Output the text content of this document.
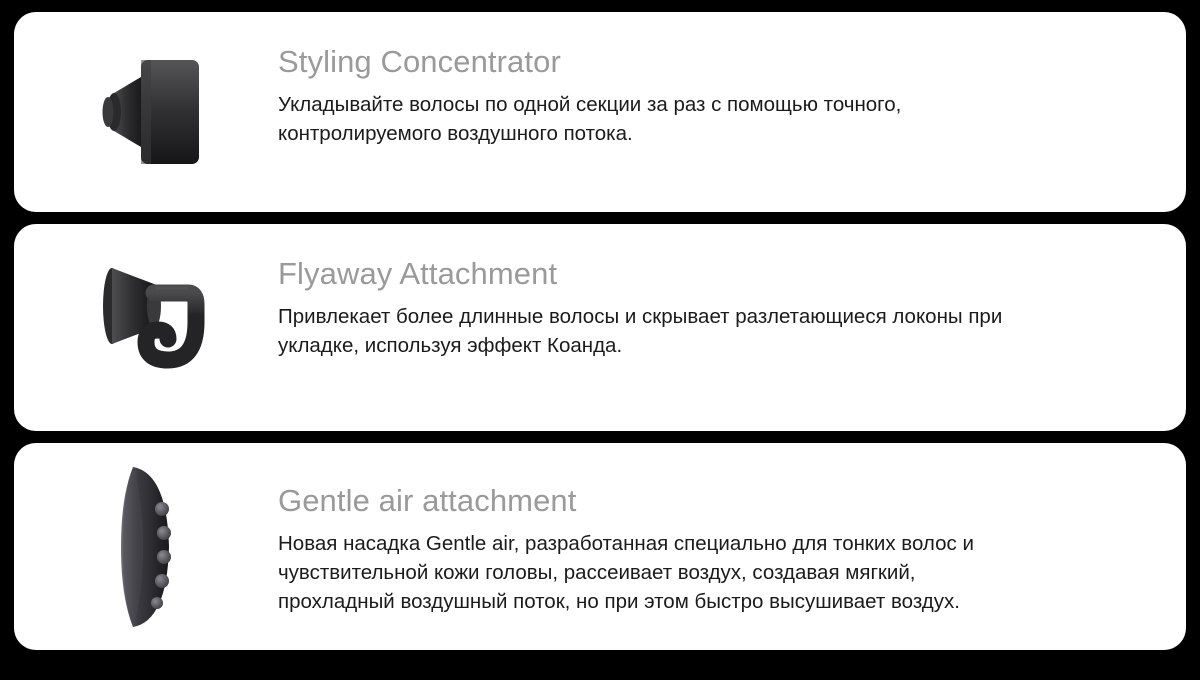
Styling Concentrator

Укладывайте волосы по одной секции за раз с помощью точного, контролируемого воздушного потока.

Flyaway Attachment

Привлекает более длинные волосы и скрывает разлетающиеся локоны при укладке, используя эффект Коанда.

Gentle air attachment

Новая насадка Gentle air, разработанная специально для тонких волос и чувствительной кожи головы, рассеивает воздух, создавая мягкий, прохладный воздушный поток, но при этом быстро высушивает воздух.
